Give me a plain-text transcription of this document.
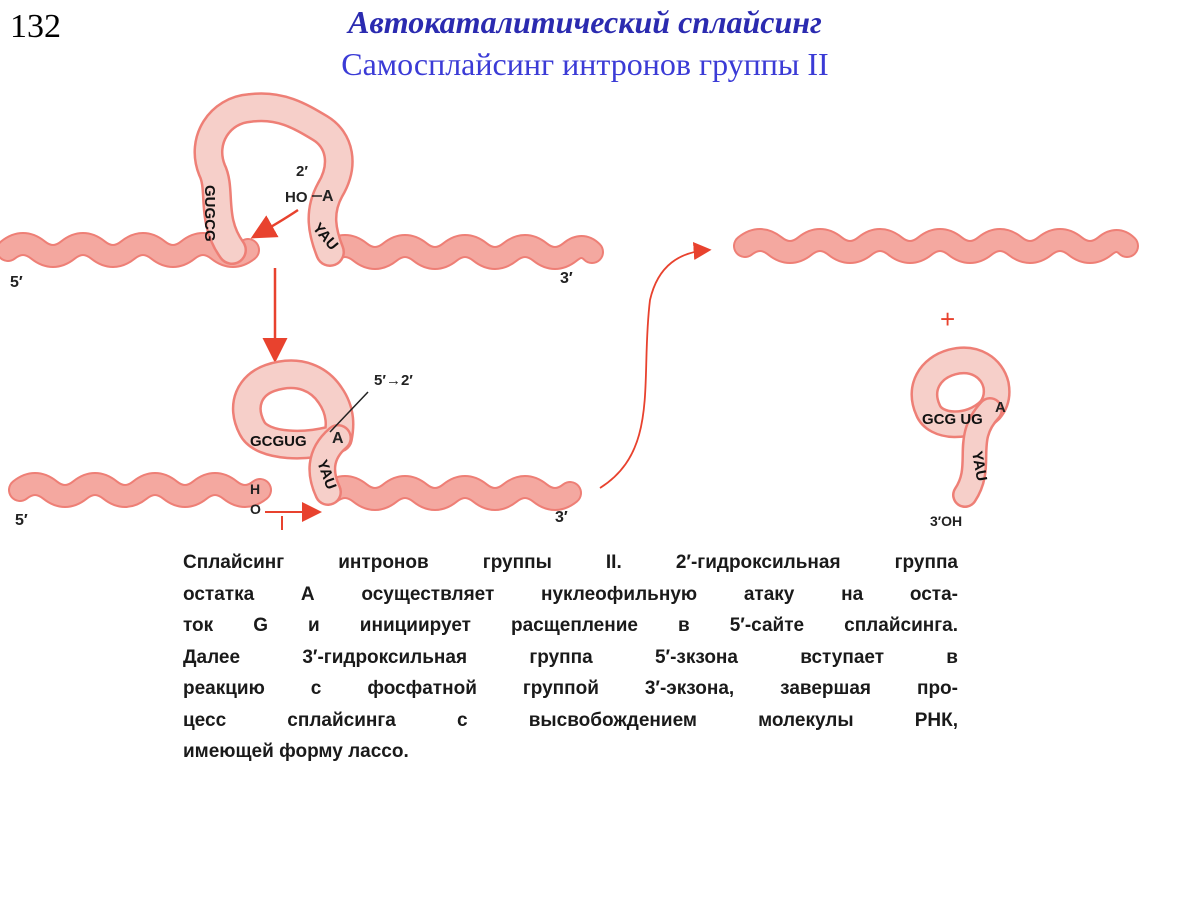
132	Автокаталитический сплайсинг
Самосплайсинг интронов группы II
5′	3′
GUGCG	YAU
2′
HO A
GCGUG A
YAU
5′→2′
H
O
5′	3′
+
GCG UG
A
YAU
3′OH
Сплайсинг интронов группы II. 2′-гидроксильная группа
остатка А осуществляет нуклеофильную атаку на оста-
ток G и инициирует расщепление в 5′-сайте сплайсинга.
Далее 3′-гидроксильная группа 5′-зкзона вступает в
реакцию с фосфатной группой 3′-экзона, завершая про-
цесс сплайсинга с высвобождением молекулы РНК,
имеющей форму лассо.
